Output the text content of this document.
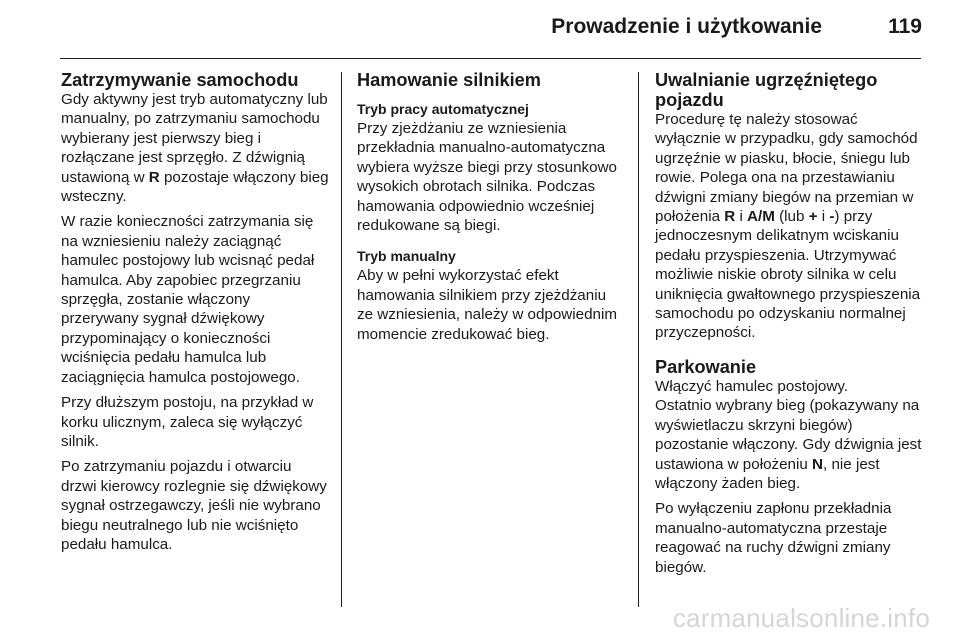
Prowadzenie i użytkowanie	119
Zatrzymywanie samochodu

Gdy aktywny jest tryb automatyczny lub manualny, po zatrzymaniu samochodu wybierany jest pierwszy bieg i rozłączane jest sprzęgło. Z dźwignią ustawioną w R pozostaje włączony bieg wsteczny.

W razie konieczności zatrzymania się na wzniesieniu należy zaciągnąć hamulec postojowy lub wcisnąć pedał hamulca. Aby zapobiec przegrzaniu sprzęgła, zostanie włączony przerywany sygnał dźwiękowy przypominający o konieczności wciśnięcia pedału hamulca lub zaciągnięcia hamulca postojowego.

Przy dłuższym postoju, na przykład w korku ulicznym, zaleca się wyłączyć silnik.

Po zatrzymaniu pojazdu i otwarciu drzwi kierowcy rozlegnie się dźwiękowy sygnał ostrzegawczy, jeśli nie wybrano biegu neutralnego lub nie wciśnięto pedału hamulca.

Hamowanie silnikiem
Tryb pracy automatycznej

Przy zjeżdżaniu ze wzniesienia przekładnia manualno-automatyczna wybiera wyższe biegi przy stosunkowo wysokich obrotach silnika. Podczas hamowania odpowiednio wcześniej redukowane są biegi.

Tryb manualny

Aby w pełni wykorzystać efekt hamowania silnikiem przy zjeżdżaniu ze wzniesienia, należy w odpowiednim momencie zredukować bieg.

Uwalnianie ugrzęźniętego pojazdu

Procedurę tę należy stosować wyłącznie w przypadku, gdy samochód ugrzęźnie w piasku, błocie, śniegu lub rowie. Polega ona na przestawianiu dźwigni zmiany biegów na przemian w położenia R i A/M (lub + i -) przy jednoczesnym delikatnym wciskaniu pedału przyspieszenia. Utrzymywać możliwie niskie obroty silnika w celu uniknięcia gwałtownego przyspieszenia samochodu po odzyskaniu normalnej przyczepności.

Parkowanie

Włączyć hamulec postojowy.

Ostatnio wybrany bieg (pokazywany na wyświetlaczu skrzyni biegów) pozostanie włączony. Gdy dźwignia jest ustawiona w położeniu N, nie jest włączony żaden bieg.

Po wyłączeniu zapłonu przekładnia manualno-automatyczna przestaje reagować na ruchy dźwigni zmiany biegów.

carmanualsonline.info
